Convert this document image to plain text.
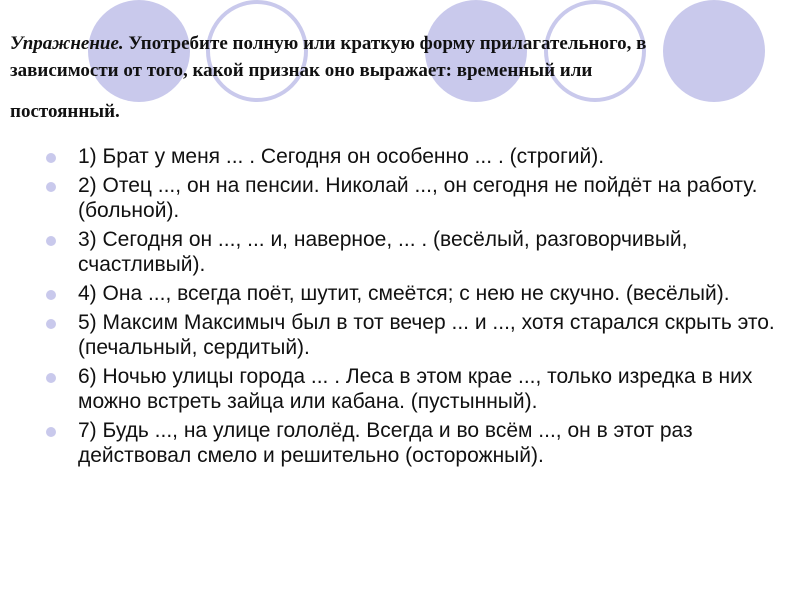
Упражнение. Употребите полную или краткую форму прилагательного, в
зависимости от того, какой признак оно выражает: временный или
постоянный.
1) Брат у меня ... . Сегодня он особенно ... . (строгий).
2) Отец ..., он на пенсии. Николай ..., он сегодня не пойдёт на работу. (больной).
3) Сегодня он ..., ... и, наверное, ... . (весёлый, разговорчивый, счастливый).
4) Она ..., всегда поёт, шутит, смеётся; с нею не скучно. (весёлый).
5) Максим Максимыч был в тот вечер ... и ..., хотя старался скрыть это. (печальный, сердитый).
6) Ночью улицы города ... . Леса в этом крае ..., только изредка в них можно встреть зайца или кабана. (пустынный).
7) Будь ..., на улице гололёд. Всегда и во всём ..., он в этот раз действовал смело и решительно (осторожный).
